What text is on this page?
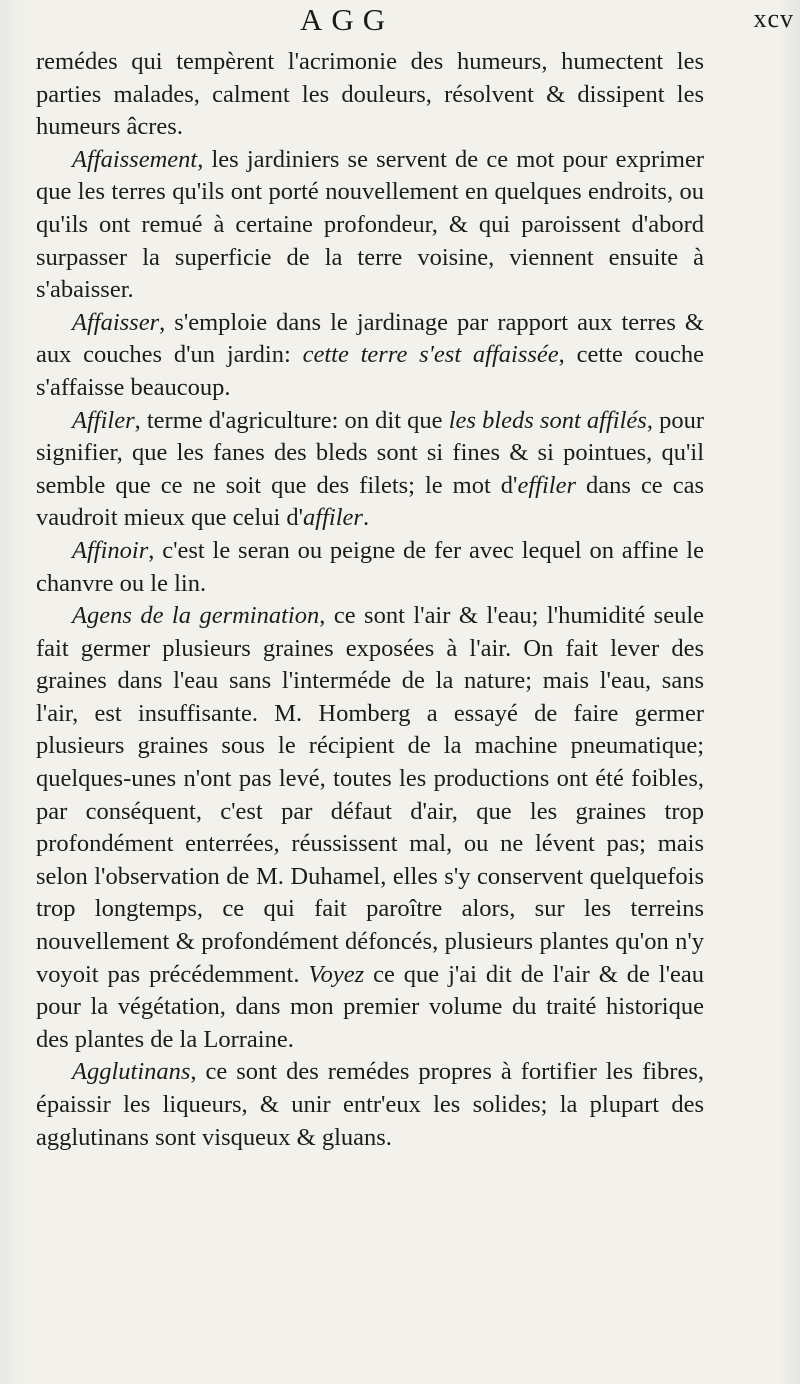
AGG	xcv

remédes qui tempèrent l'acrimonie des humeurs, humectent les parties malades, calment les douleurs, résolvent & dissipent les humeurs âcres.

Affaissement, les jardiniers se servent de ce mot pour exprimer que les terres qu'ils ont porté nouvellement en quelques endroits, ou qu'ils ont remué à certaine profondeur, & qui paroissent d'abord surpasser la superficie de la terre voisine, viennent ensuite à s'abaisser.

Affaisser, s'emploie dans le jardinage par rapport aux terres & aux couches d'un jardin: cette terre s'est affaissée, cette couche s'affaisse beaucoup.

Affiler, terme d'agriculture: on dit que les bleds sont affilés, pour signifier, que les fanes des bleds sont si fines & si pointues, qu'il semble que ce ne soit que des filets; le mot d'effiler dans ce cas vaudroit mieux que celui d'affiler.

Affinoir, c'est le seran ou peigne de fer avec lequel on affine le chanvre ou le lin.

Agens de la germination, ce sont l'air & l'eau; l'humidité seule fait germer plusieurs graines exposées à l'air. On fait lever des graines dans l'eau sans l'interméde de la nature; mais l'eau, sans l'air, est insuffisante. M. Homberg a essayé de faire germer plusieurs graines sous le récipient de la machine pneumatique; quelques-unes n'ont pas levé, toutes les productions ont été foibles, par conséquent, c'est par défaut d'air, que les graines trop profondément enterrées, réussissent mal, ou ne lévent pas; mais selon l'observation de M. Duhamel, elles s'y conservent quelquefois trop longtemps, ce qui fait paroître alors, sur les terreins nouvellement & profondément défoncés, plusieurs plantes qu'on n'y voyoit pas précédemment. Voyez ce que j'ai dit de l'air & de l'eau pour la végétation, dans mon premier volume du traité historique des plantes de la Lorraine.

Agglutinans, ce sont des remédes propres à fortifier les fibres, épaissir les liqueurs, & unir entr'eux les solides; la plupart des agglutinans sont visqueux & gluans.
